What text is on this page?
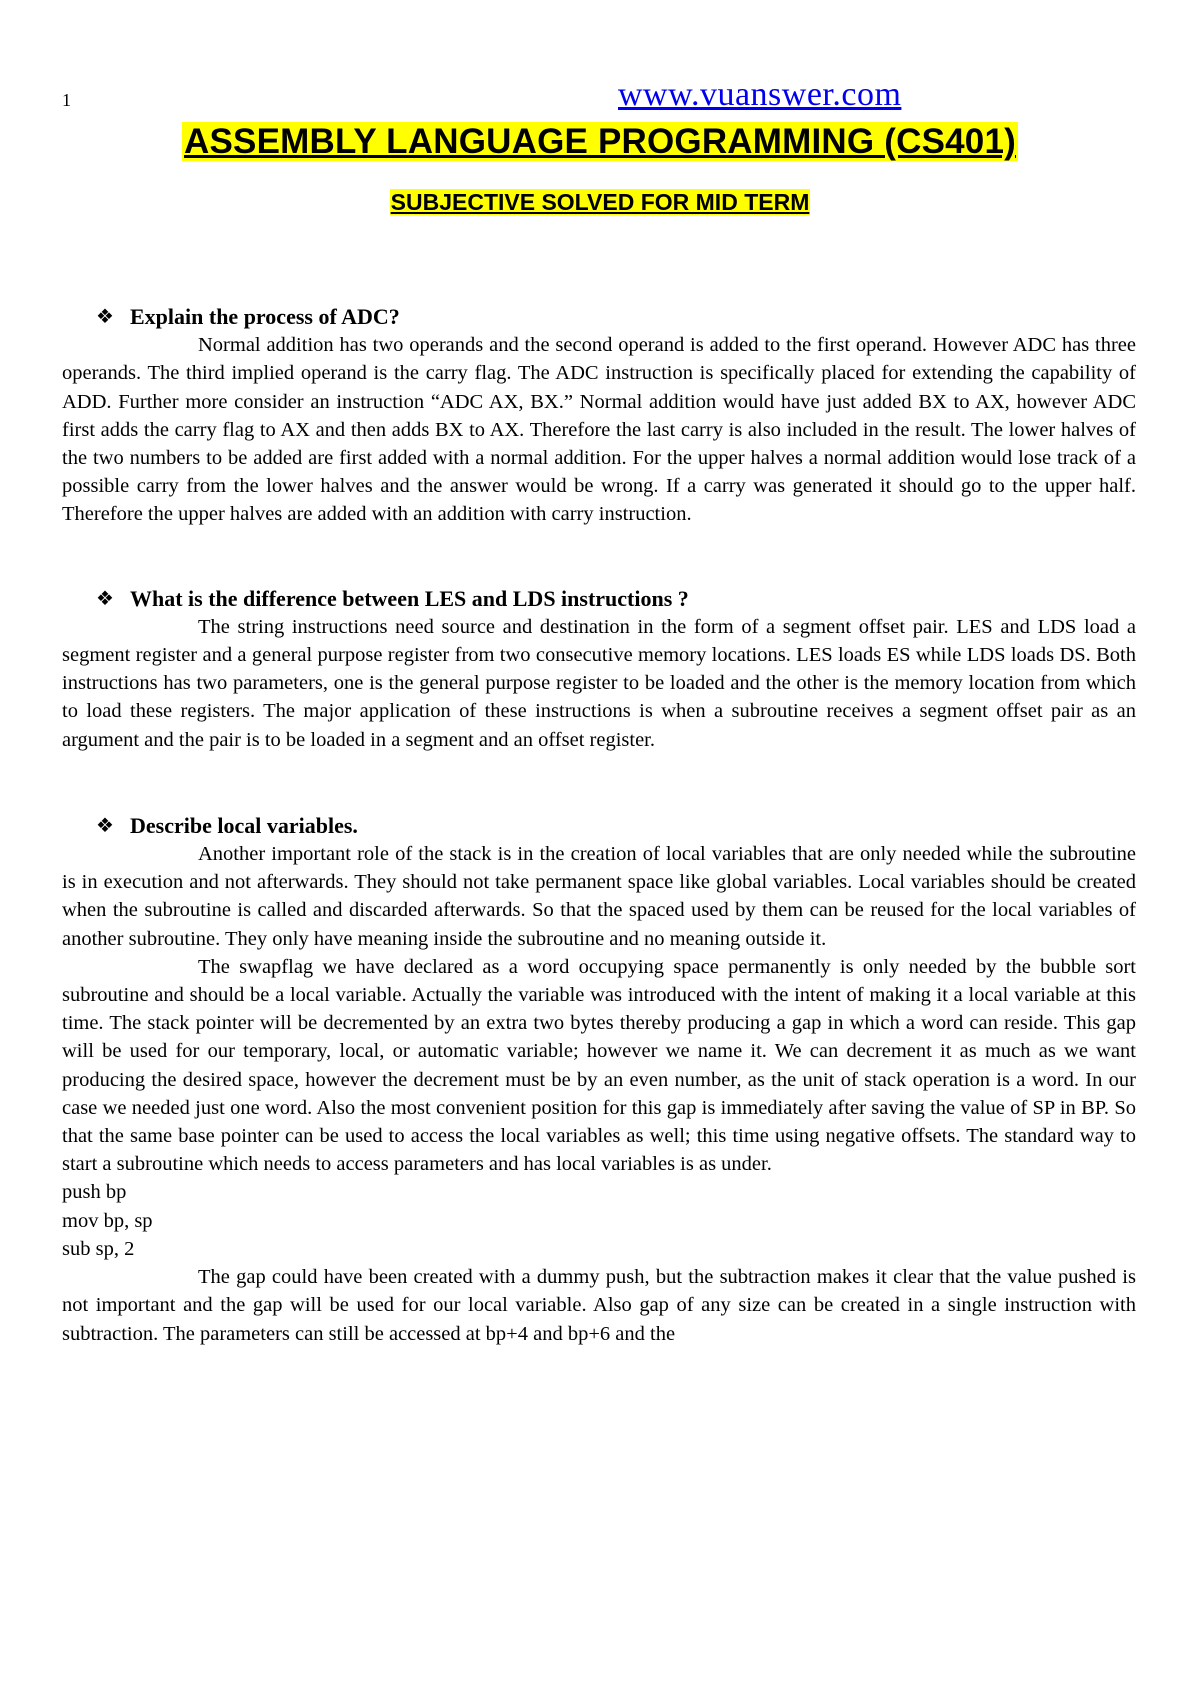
1	www.vuanswer.com
ASSEMBLY LANGUAGE PROGRAMMING (CS401)
SUBJECTIVE SOLVED FOR MID TERM
❖ Explain the process of ADC?

Normal addition has two operands and the second operand is added to the first operand. However ADC has three operands. The third implied operand is the carry flag. The ADC instruction is specifically placed for extending the capability of ADD. Further more consider an instruction “ADC AX, BX.” Normal addition would have just added BX to AX, however ADC first adds the carry flag to AX and then adds BX to AX. Therefore the last carry is also included in the result. The lower halves of the two numbers to be added are first added with a normal addition. For the upper halves a normal addition would lose track of a possible carry from the lower halves and the answer would be wrong. If a carry was generated it should go to the upper half. Therefore the upper halves are added with an addition with carry instruction.

❖ What is the difference between LES and LDS instructions ?

The string instructions need source and destination in the form of a segment offset pair. LES and LDS load a segment register and a general purpose register from two consecutive memory locations. LES loads ES while LDS loads DS. Both instructions has two parameters, one is the general purpose register to be loaded and the other is the memory location from which to load these registers. The major application of these instructions is when a subroutine receives a segment offset pair as an argument and the pair is to be loaded in a segment and an offset register.

❖ Describe local variables.

Another important role of the stack is in the creation of local variables that are only needed while the subroutine is in execution and not afterwards. They should not take permanent space like global variables. Local variables should be created when the subroutine is called and discarded afterwards. So that the spaced used by them can be reused for the local variables of another subroutine. They only have meaning inside the subroutine and no meaning outside it.

The swapflag we have declared as a word occupying space permanently is only needed by the bubble sort subroutine and should be a local variable. Actually the variable was introduced with the intent of making it a local variable at this time. The stack pointer will be decremented by an extra two bytes thereby producing a gap in which a word can reside. This gap will be used for our temporary, local, or automatic variable; however we name it. We can decrement it as much as we want producing the desired space, however the decrement must be by an even number, as the unit of stack operation is a word. In our case we needed just one word. Also the most convenient position for this gap is immediately after saving the value of SP in BP. So that the same base pointer can be used to access the local variables as well; this time using negative offsets. The standard way to start a subroutine which needs to access parameters and has local variables is as under.

push bp

mov bp, sp

sub sp, 2

The gap could have been created with a dummy push, but the subtraction makes it clear that the value pushed is not important and the gap will be used for our local variable. Also gap of any size can be created in a single instruction with subtraction. The parameters can still be accessed at bp+4 and bp+6 and the
